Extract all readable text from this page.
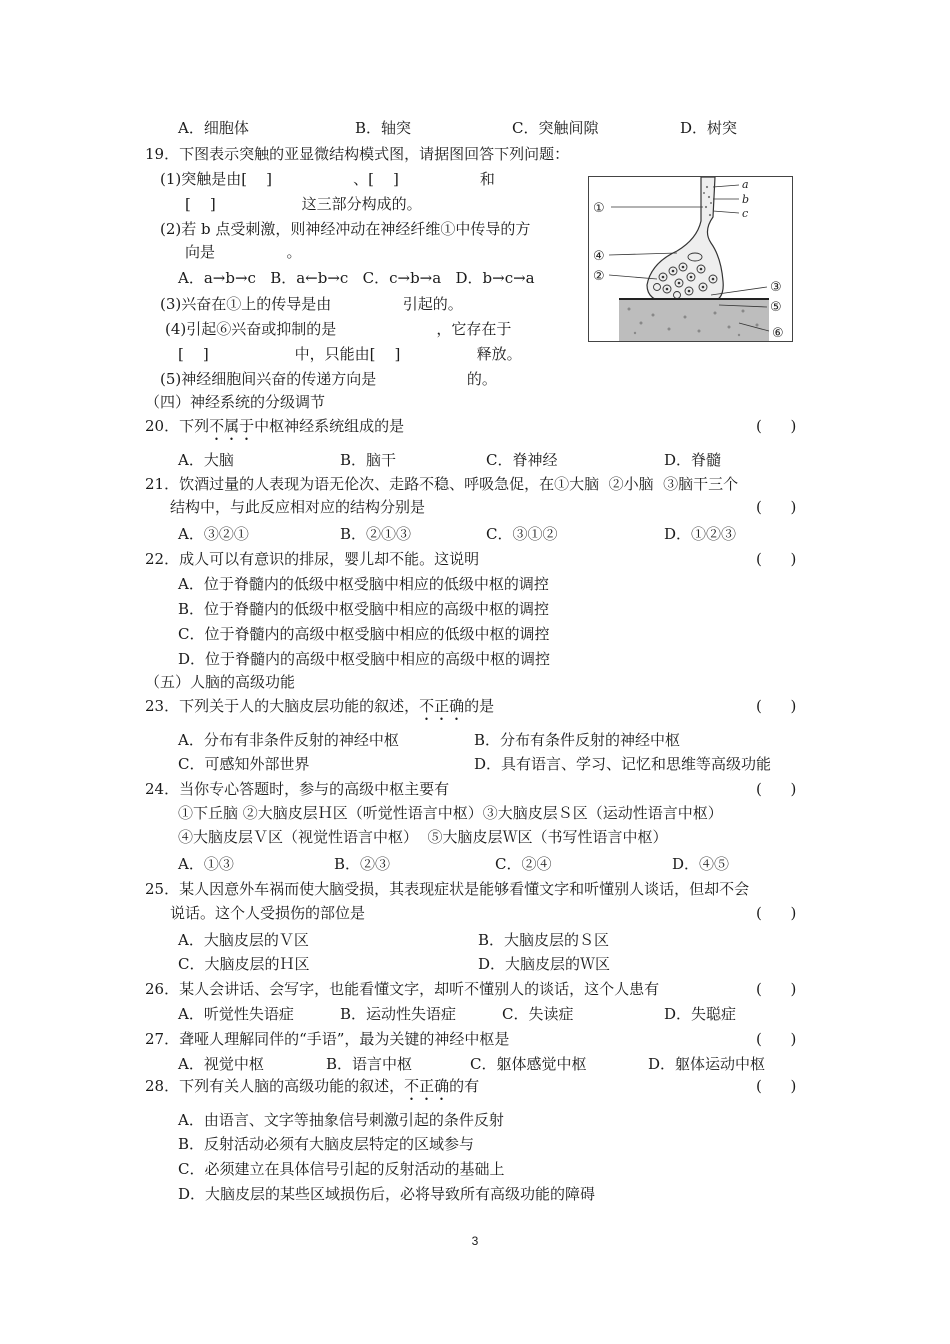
A．细胞体	B．轴突	C．突触间隙	D．树突
19．下图表示突触的亚显微结构模式图，请据图回答下列问题：
(1)突触是由[    ]                 、[    ]                 和
[    ]                  这三部分构成的。
(2)若 b 点受刺激，则神经冲动在神经纤维①中传导的方
向是               。
A．a→b→c   B．a←b→c   C．c→b→a   D．b→c→a
(3)兴奋在①上的传导是由               引起的。
(4)引起⑥兴奋或抑制的是                     ，它存在于
[    ]                  中，只能由[    ]                释放。
(5)神经细胞间兴奋的传递方向是                   的。
a
b
c
①
④
②
③
⑤
⑥
（四）神经系统的分级调节
20．下列不属于中枢神经系统组成的是	(      )
A．大脑	B．脑干	C．脊神经	D．脊髓
21．饮酒过量的人表现为语无伦次、走路不稳、呼吸急促，在①大脑  ②小脑  ③脑干三个
结构中，与此反应相对应的结构分别是	(      )
A．③②①	B．②①③	C．③①②	D．①②③
22．成人可以有意识的排尿，婴儿却不能。这说明	(      )
A．位于脊髓内的低级中枢受脑中相应的低级中枢的调控
B．位于脊髓内的低级中枢受脑中相应的高级中枢的调控
C．位于脊髓内的高级中枢受脑中相应的低级中枢的调控
D．位于脊髓内的高级中枢受脑中相应的高级中枢的调控
（五）人脑的高级功能
23．下列关于人的大脑皮层功能的叙述，不正确的是	(      )
A．分布有非条件反射的神经中枢	B．分布有条件反射的神经中枢
C．可感知外部世界	D．具有语言、学习、记忆和思维等高级功能
24．当你专心答题时，参与的高级中枢主要有	(      )
①下丘脑 ②大脑皮层Ｈ区（听觉性语言中枢）③大脑皮层Ｓ区（运动性语言中枢）
④大脑皮层Ｖ区（视觉性语言中枢）  ⑤大脑皮层Ｗ区（书写性语言中枢）
A．①③	B．②③	C．②④	D．④⑤
25．某人因意外车祸而使大脑受损，其表现症状是能够看懂文字和听懂别人谈话，但却不会
说话。这个人受损伤的部位是	(      )
A．大脑皮层的Ｖ区	B．大脑皮层的Ｓ区
C．大脑皮层的Ｈ区	D．大脑皮层的Ｗ区
26．某人会讲话、会写字，也能看懂文字，却听不懂别人的谈话，这个人患有	(      )
A．听觉性失语症	B．运动性失语症	C．失读症	D．失聪症
27．聋哑人理解同伴的“手语”，最为关键的神经中枢是	(      )
A．视觉中枢	B．语言中枢	C．躯体感觉中枢	D．躯体运动中枢
28．下列有关人脑的高级功能的叙述，不正确的有	(      )
A．由语言、文字等抽象信号刺激引起的条件反射
B．反射活动必须有大脑皮层特定的区域参与
C．必须建立在具体信号引起的反射活动的基础上
D．大脑皮层的某些区域损伤后，必将导致所有高级功能的障碍
3
